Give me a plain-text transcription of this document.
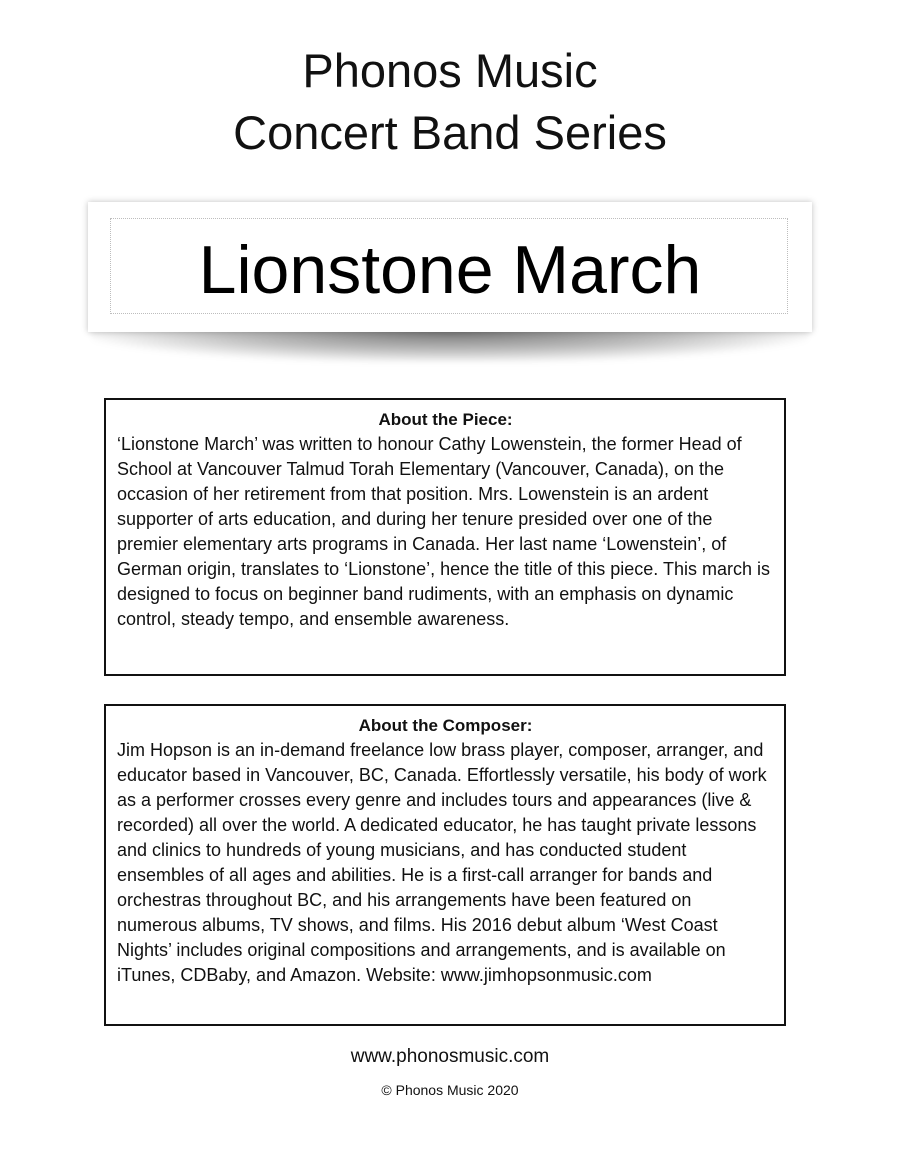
Phonos Music
Concert Band Series
Lionstone March
About the Piece:
‘Lionstone March’ was written to honour Cathy Lowenstein, the former Head of School at Vancouver Talmud Torah Elementary (Vancouver, Canada), on the occasion of her retirement from that position. Mrs. Lowenstein is an ardent supporter of arts education, and during her tenure presided over one of the premier elementary arts programs in Canada. Her last name ‘Lowenstein’, of German origin, translates to ‘Lionstone’, hence the title of this piece. This march is designed to focus on beginner band rudiments, with an emphasis on dynamic control, steady tempo, and ensemble awareness.
About the Composer:
Jim Hopson is an in-demand freelance low brass player, composer, arranger, and educator based in Vancouver, BC, Canada. Effortlessly versatile, his body of work as a performer crosses every genre and includes tours and appearances (live & recorded) all over the world. A dedicated educator, he has taught private lessons and clinics to hundreds of young musicians, and has conducted student ensembles of all ages and abilities. He is a first-call arranger for bands and orchestras throughout BC, and his arrangements have been featured on numerous albums, TV shows, and films. His 2016 debut album ‘West Coast Nights’ includes original compositions and arrangements, and is available on iTunes, CDBaby, and Amazon. Website: www.jimhopsonmusic.com
www.phonosmusic.com
© Phonos Music 2020
